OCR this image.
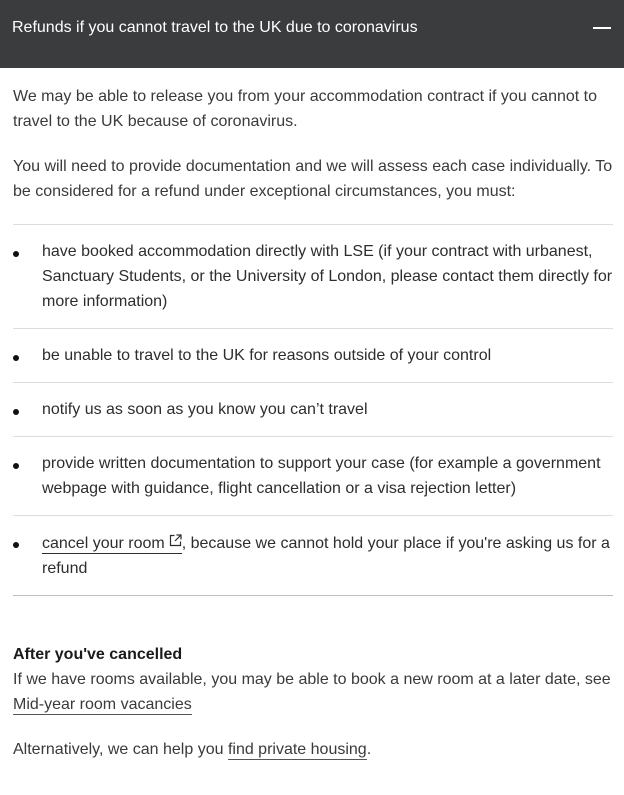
Refunds if you cannot travel to the UK due to coronavirus

We may be able to release you from your accommodation contract if you cannot to travel to the UK because of coronavirus.

You will need to provide documentation and we will assess each case individually. To be considered for a refund under exceptional circumstances, you must:

have booked accommodation directly with LSE (if your contract with urbanest, Sanctuary Students, or the University of London, please contact them directly for more information)
be unable to travel to the UK for reasons outside of your control
notify us as soon as you know you can’t travel
provide written documentation to support your case (for example a government webpage with guidance, flight cancellation or a visa rejection letter)
cancel your room , because we cannot hold your place if you're asking us for a refund
After you've cancelled

If we have rooms available, you may be able to book a new room at a later date, see Mid-year room vacancies

Alternatively, we can help you find private housing.
